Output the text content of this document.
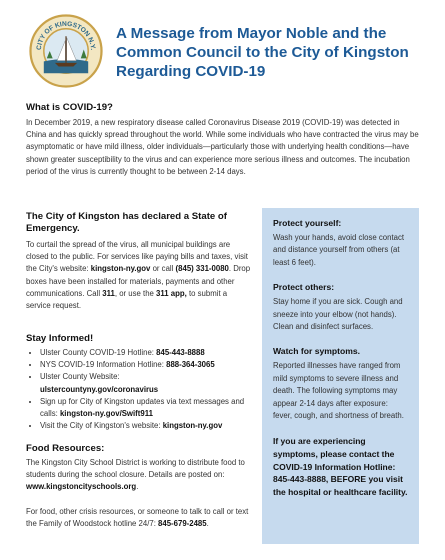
CITY OF KINGSTON N.Y.
A Message from Mayor Noble and the Common Council to the City of Kingston Regarding COVID-19
What is COVID-19?

In December 2019, a new respiratory disease called Coronavirus Disease 2019 (COVID-19) was detected in China and has quickly spread throughout the world. While some individuals who have contracted the virus may be asymptomatic or have mild illness, older individuals—particularly those with underlying health conditions—have shown greater susceptibility to the virus and can experience more serious illness and outcomes. The incubation period of the virus is currently thought to be between 2-14 days.

The City of Kingston has declared a State of Emergency.

To curtail the spread of the virus, all municipal buildings are closed to the public. For services like paying bills and taxes, visit the City's website: kingston-ny.gov or call (845) 331-0080. Drop boxes have been installed for materials, payments and other communications. Call 311, or use the 311 app, to submit a service request.

Stay Informed!
• Ulster County COVID-19 Hotline: 845-443-8888
• NYS COVID-19 Information Hotline: 888-364-3065
• Ulster County Website:
ulstercountyny.gov/coronavirus
• Sign up for City of Kingston updates via text messages and calls: kingston-ny.gov/Swift911
• Visit the City of Kingston's website: kingston-ny.gov
Food Resources:

The Kingston City School District is working to distribute food to students during the school closure. Details are posted on: www.kingstoncityschools.org.

For food, other crisis resources, or someone to talk to call or text the Family of Woodstock hotline 24/7: 845-679-2485.

Protect yourself:

Wash your hands, avoid close contact and distance yourself from others (at least 6 feet).

Protect others:

Stay home if you are sick. Cough and sneeze into your elbow (not hands). Clean and disinfect surfaces.

Watch for symptoms.

Reported illnesses have ranged from mild symptoms to severe illness and death. The following symptoms may appear 2-14 days after exposure: fever, cough, and shortness of breath.

If you are experiencing symptoms, please contact the COVID-19 Information Hotline: 845-443-8888, BEFORE you visit the hospital or healthcare facility.
